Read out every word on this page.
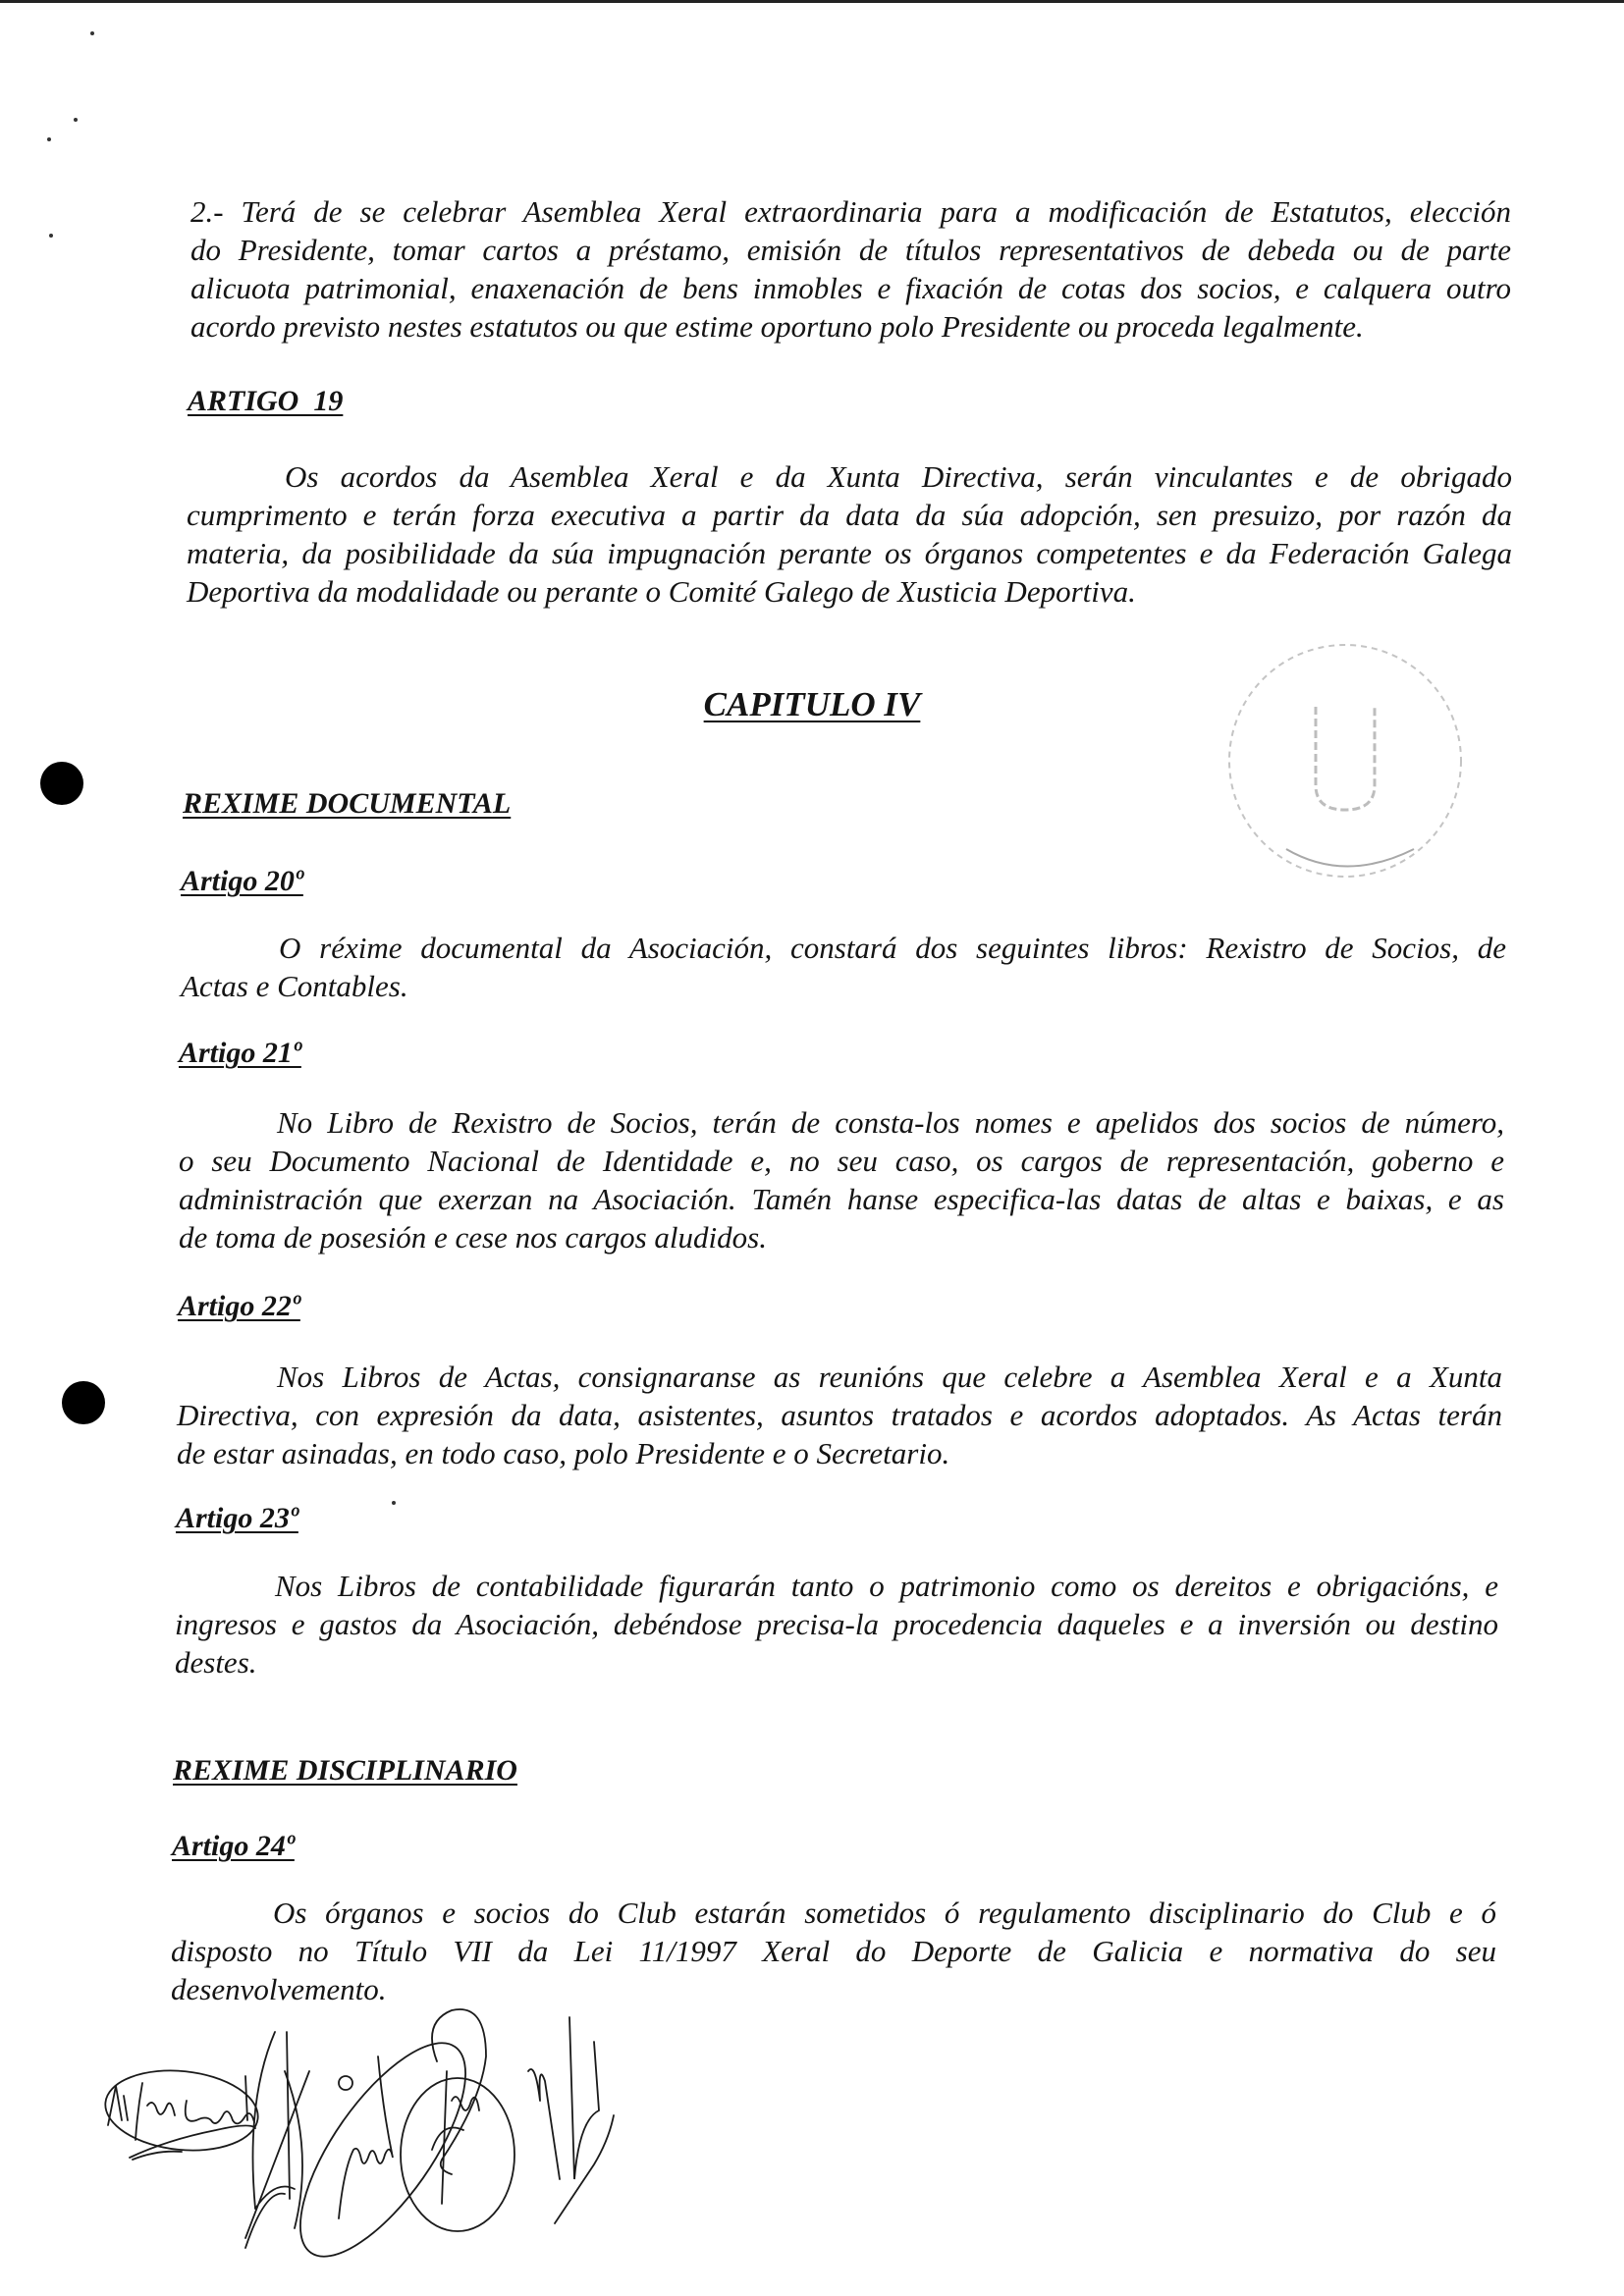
2.- Terá de se celebrar Asemblea Xeral extraordinaria para a modificación de Estatutos, elección
do Presidente, tomar cartos a préstamo, emisión de títulos representativos de debeda ou de parte
alicuota patrimonial, enaxenación de bens inmobles e fixación de cotas dos socios, e calquera outro
acordo previsto nestes estatutos ou que estime oportuno polo Presidente ou proceda legalmente.
ARTIGO  19
Os acordos da Asemblea Xeral e da Xunta Directiva, serán vinculantes e de obrigado
cumprimento e terán forza executiva a partir da data da súa adopción, sen presuizo, por razón da
materia, da posibilidade da súa impugnación perante os órganos competentes e da Federación Galega
Deportiva da modalidade ou perante o Comité Galego de Xusticia Deportiva.
CAPITULO IV
REXIME DOCUMENTAL
Artigo 20º
O réxime documental da Asociación, constará dos seguintes libros: Rexistro de Socios, de
Actas e Contables.
Artigo 21º
No Libro de Rexistro de Socios, terán de consta-los nomes e apelidos dos socios de número,
o seu Documento Nacional de Identidade e, no seu caso, os cargos de representación, goberno e
administración que exerzan na Asociación. Tamén hanse especifica-las datas de altas e baixas, e as
de toma de posesión e cese nos cargos aludidos.
Artigo 22º
Nos Libros de Actas, consignaranse as reunións que celebre a Asemblea Xeral e a Xunta
Directiva, con expresión da data, asistentes, asuntos tratados e acordos adoptados. As Actas terán
de estar asinadas, en todo caso, polo Presidente e o Secretario.
Artigo 23º
Nos Libros de contabilidade figurarán tanto o patrimonio como os dereitos e obrigacións, e
ingresos e gastos da Asociación, debéndose precisa-la procedencia daqueles e a inversión ou destino
destes.
REXIME DISCIPLINARIO
Artigo 24º
Os órganos e socios do Club estarán sometidos ó regulamento disciplinario do Club e ó
disposto no Título VII da Lei 11/1997 Xeral do Deporte de Galicia e normativa do seu
desenvolvemento.
